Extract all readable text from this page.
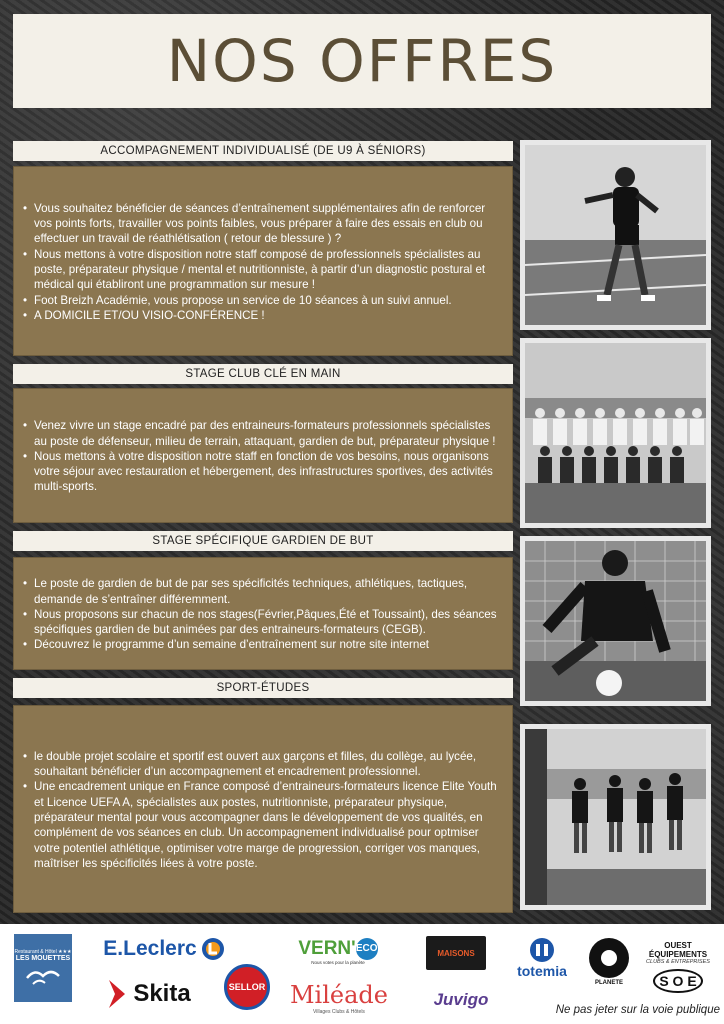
NOS OFFRES
ACCOMPAGNEMENT INDIVIDUALISÉ (DE U9 À SÉNIORS)
• Vous souhaitez bénéficier de séances d’entraînement supplémentaires afin de renforcer vos points forts, travailler vos points faibles, vous préparer à faire des essais en club ou effectuer un travail de réathlétisation ( retour de blessure ) ?
• Nous mettons à votre disposition notre staff composé de professionnels spécialistes au poste, préparateur physique / mental et nutritionniste, à partir d’un diagnostic postural et médical qui établiront une programmation sur mesure !
• Foot Breizh Académie, vous propose un service de 10 séances à un suivi annuel.
• A DOMICILE ET/OU VISIO-CONFÉRENCE !
STAGE CLUB CLÉ EN MAIN
• Venez vivre un stage encadré par des entraineurs-formateurs professionnels spécialistes au poste de défenseur, milieu de terrain, attaquant, gardien de but, préparateur physique !
• Nous mettons à votre disposition notre staff en fonction de vos besoins, nous organisons votre séjour avec restauration et hébergement, des infrastructures sportives, des activités multi-sports.
STAGE SPÉCIFIQUE GARDIEN DE BUT
• Le poste de gardien de but de par ses spécificités techniques, athlétiques, tactiques, demande de s’entraîner différemment.
• Nous proposons sur chacun de nos stages(Février,Pâques,Été et Toussaint), des séances spécifiques gardien de but animées par des entraineurs-formateurs (CEGB).
• Découvrez le programme d’un semaine d’entraînement sur notre site internet
SPORT-ÉTUDES
• le double projet scolaire et sportif est ouvert aux garçons et filles, du collège, au lycée, souhaitant bénéficier d’un accompagnement et encadrement professionnel.
• Une encadrement unique en France composé d’entraineurs-formateurs licence Elite Youth et Licence UEFA A, spécialistes aux postes, nutritionniste, préparateur physique, préparateur mental pour vous accompagner dans le développement de vos qualités, en complément de vos séances en club. Un accompagnement individualisé pour optmiser votre potentiel athlétique, optimiser votre marge de progression, corriger vos manques, maîtriser les spécificités liées à votre poste.
Restaurant & Hôtel ★★★
LES MOUETTES E.Leclerc
Skita	SELLOR
VERN' ECO
Nous votes pour la planète
Miléade
Villages Clubs & Hôtels
MAISONS
Juvigo
totemia
PLANETE
OUEST ÉQUIPEMENTS
CLUBS & ENTREPRISES
S O E
Ne pas jeter sur la voie publique
